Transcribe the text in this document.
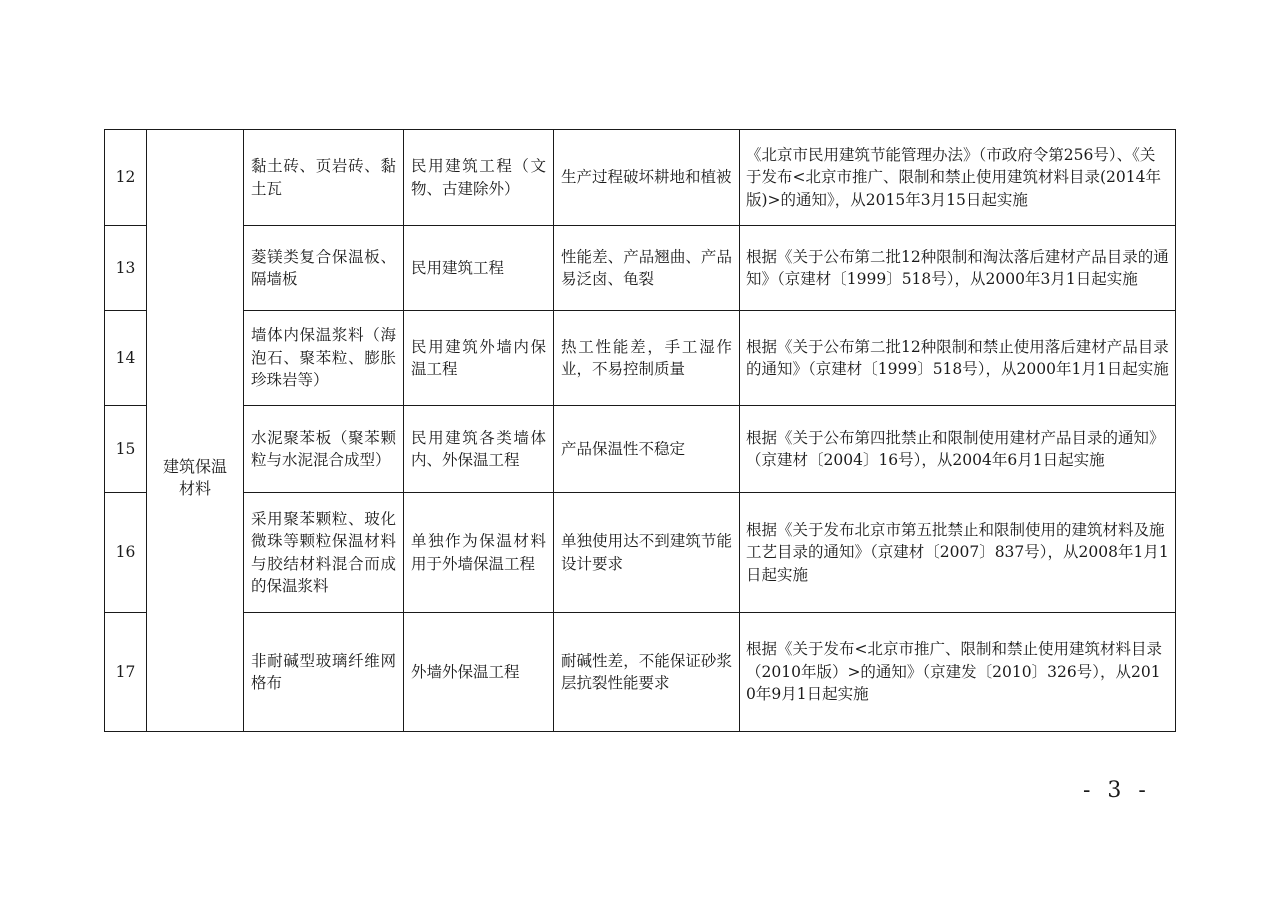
12		黏土砖、页岩砖、黏土瓦	民用建筑工程（文物、古建除外）	生产过程破坏耕地和植被	《北京市民用建筑节能管理办法》（市政府令第256号）、《关于发布<北京市推广、限制和禁止使用建筑材料目录(2014年版)>的通知》，从2015年3月15日起实施
13	建筑保温材料	菱镁类复合保温板、隔墙板	民用建筑工程	性能差、产品翘曲、产品易泛卤、龟裂	根据《关于公布第二批12种限制和淘汰落后建材产品目录的通知》（京建材〔1999〕518号），从2000年3月1日起实施
14		墙体内保温浆料（海泡石、聚苯粒、膨胀珍珠岩等）	民用建筑外墙内保温工程	热工性能差，手工湿作业，不易控制质量	根据《关于公布第二批12种限制和禁止使用落后建材产品目录的通知》（京建材〔1999〕518号），从2000年1月1日起实施
15		水泥聚苯板（聚苯颗粒与水泥混合成型）	民用建筑各类墙体内、外保温工程	产品保温性不稳定	根据《关于公布第四批禁止和限制使用建材产品目录的通知》（京建材〔2004〕16号），从2004年6月1日起实施
16		采用聚苯颗粒、玻化微珠等颗粒保温材料与胶结材料混合而成的保温浆料	单独作为保温材料用于外墙保温工程	单独使用达不到建筑节能设计要求	根据《关于发布北京市第五批禁止和限制使用的建筑材料及施工艺目录的通知》（京建材〔2007〕837号），从2008年1月1日起实施
17		非耐碱型玻璃纤维网格布	外墙外保温工程	耐碱性差，不能保证砂浆层抗裂性能要求	根据《关于发布<北京市推广、限制和禁止使用建筑材料目录（2010年版）>的通知》（京建发〔2010〕326号），从2010年9月1日起实施
- 3 -
